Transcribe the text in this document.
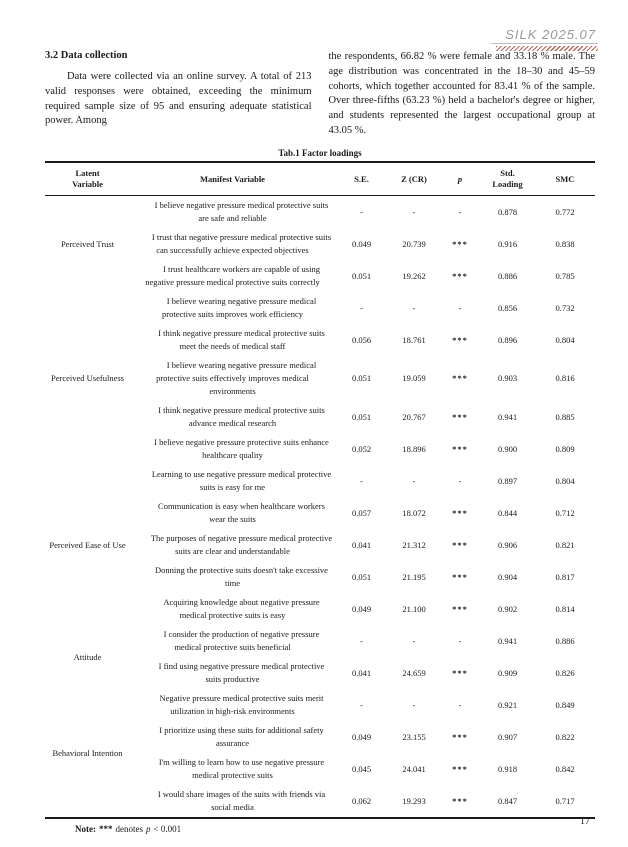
SILK 2025.07
3.2 Data collection

Data were collected via an online survey. A total of 213 valid responses were obtained, exceeding the minimum required sample size of 95 and ensuring adequate statistical power. Among

the respondents, 66.82 % were female and 33.18 % male. The age distribution was concentrated in the 18–30 and 45–59 cohorts, which together accounted for 83.41 % of the sample. Over three-fifths (63.23 %) held a bachelor's degree or higher, and students represented the largest occupational group at 43.05 %.

Tab.1 Factor loadings
Latent Variable	Manifest Variable	S.E.	Z (CR)	p	Std. Loading	SMC
Perceived Trust	I believe negative pressure medical protective suits are safe and reliable	-	-	-	0.878	0.772
	I trust that negative pressure medical protective suits can successfully achieve expected objectives	0.049	20.739	***	0.916	0.838
	I trust healthcare workers are capable of using negative pressure medical protective suits correctly	0.051	19.262	***	0.886	0.785
Perceived Usefulness	I believe wearing negative pressure medical protective suits improves work efficiency	-	-	-	0.856	0.732
	I think negative pressure medical protective suits meet the needs of medical staff	0.056	18.761	***	0.896	0.804
	I believe wearing negative pressure medical protective suits effectively improves medical environments	0.051	19.059	***	0.903	0.816
	I think negative pressure medical protective suits advance medical research	0.051	20.767	***	0.941	0.885
	I believe negative pressure protective suits enhance healthcare quality	0.052	18.896	***	0.900	0.809
Perceived Ease of Use	Learning to use negative pressure medical protective suits is easy for me	-	-	-	0.897	0.804
	Communication is easy when healthcare workers wear the suits	0.057	18.072	***	0.844	0.712
	The purposes of negative pressure medical protective suits are clear and understandable	0.041	21.312	***	0.906	0.821
	Donning the protective suits doesn't take excessive time	0.051	21.195	***	0.904	0.817
	Acquiring knowledge about negative pressure medical protective suits is easy	0.049	21.100	***	0.902	0.814
Attitude	I consider the production of negative pressure medical protective suits beneficial	-	-	-	0.941	0.886
	I find using negative pressure medical protective suits productive	0.041	24.659	***	0.909	0.826
Behavioral Intention	Negative pressure medical protective suits merit utilization in high-risk environments	-	-	-	0.921	0.849
	I prioritize using these suits for additional safety assurance	0.049	23.155	***	0.907	0.822
	I'm willing to learn how to use negative pressure medical protective suits	0.045	24.041	***	0.918	0.842
	I would share images of the suits with friends via social media	0.062	19.293	***	0.847	0.717
Note: *** denotes p < 0.001
17
